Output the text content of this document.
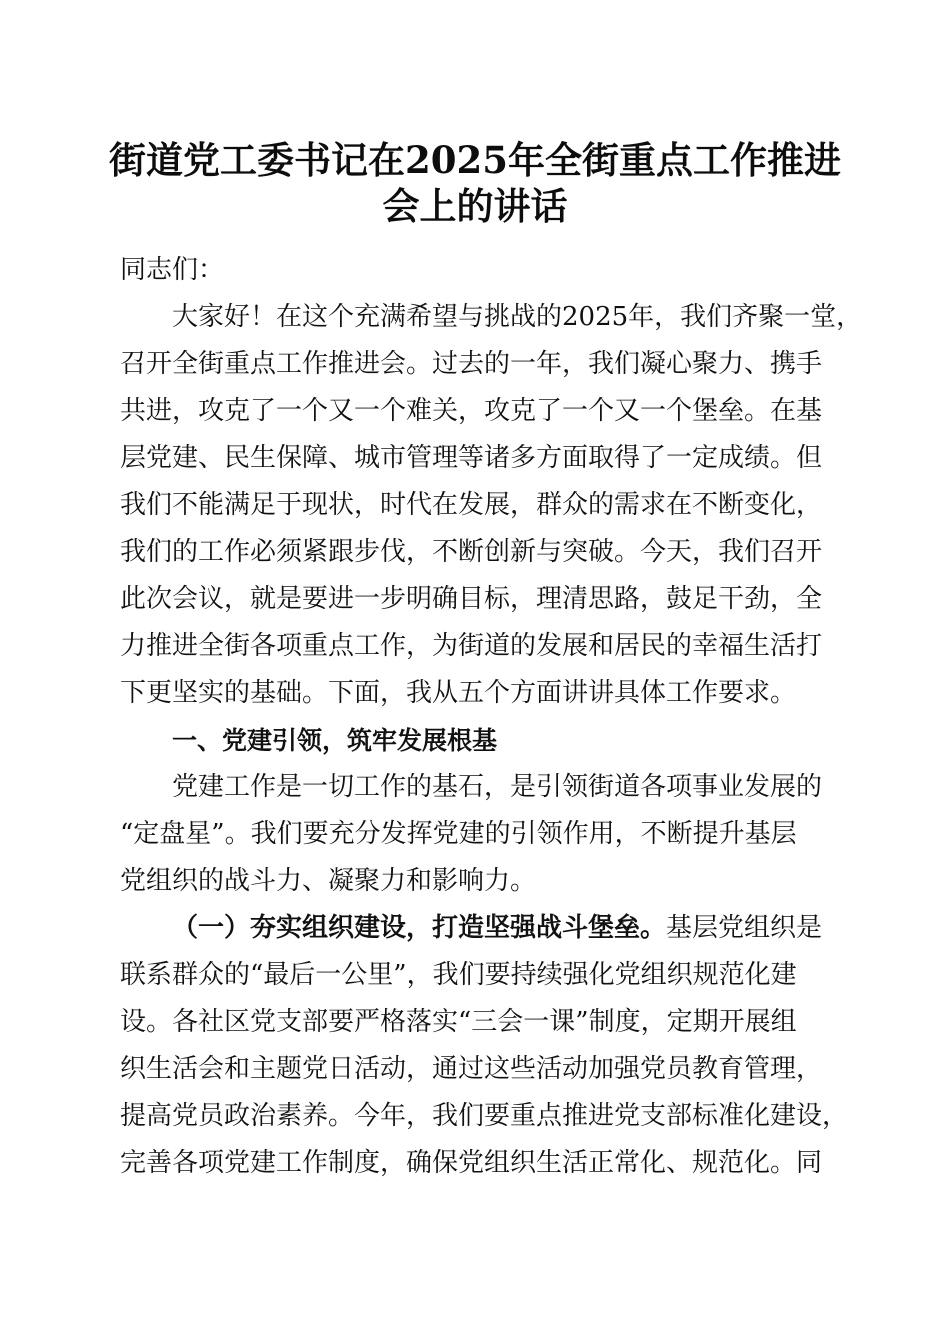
街道党工委书记在2025年全街重点工作推进
会上的讲话
同志们：
大家好！在这个充满希望与挑战的2025年，我们齐聚一堂，
召开全街重点工作推进会。过去的一年，我们凝心聚力、携手
共进，攻克了一个又一个难关，攻克了一个又一个堡垒。在基
层党建、民生保障、城市管理等诸多方面取得了一定成绩。但
我们不能满足于现状，时代在发展，群众的需求在不断变化，
我们的工作必须紧跟步伐，不断创新与突破。今天，我们召开
此次会议，就是要进一步明确目标，理清思路，鼓足干劲，全
力推进全街各项重点工作，为街道的发展和居民的幸福生活打
下更坚实的基础。下面，我从五个方面讲讲具体工作要求。
一、党建引领，筑牢发展根基
党建工作是一切工作的基石，是引领街道各项事业发展的
“定盘星”。我们要充分发挥党建的引领作用，不断提升基层
党组织的战斗力、凝聚力和影响力。
（一）夯实组织建设，打造坚强战斗堡垒。基层党组织是
联系群众的“最后一公里”，我们要持续强化党组织规范化建
设。各社区党支部要严格落实“三会一课”制度，定期开展组
织生活会和主题党日活动，通过这些活动加强党员教育管理，
提高党员政治素养。今年，我们要重点推进党支部标准化建设，
完善各项党建工作制度，确保党组织生活正常化、规范化。同
